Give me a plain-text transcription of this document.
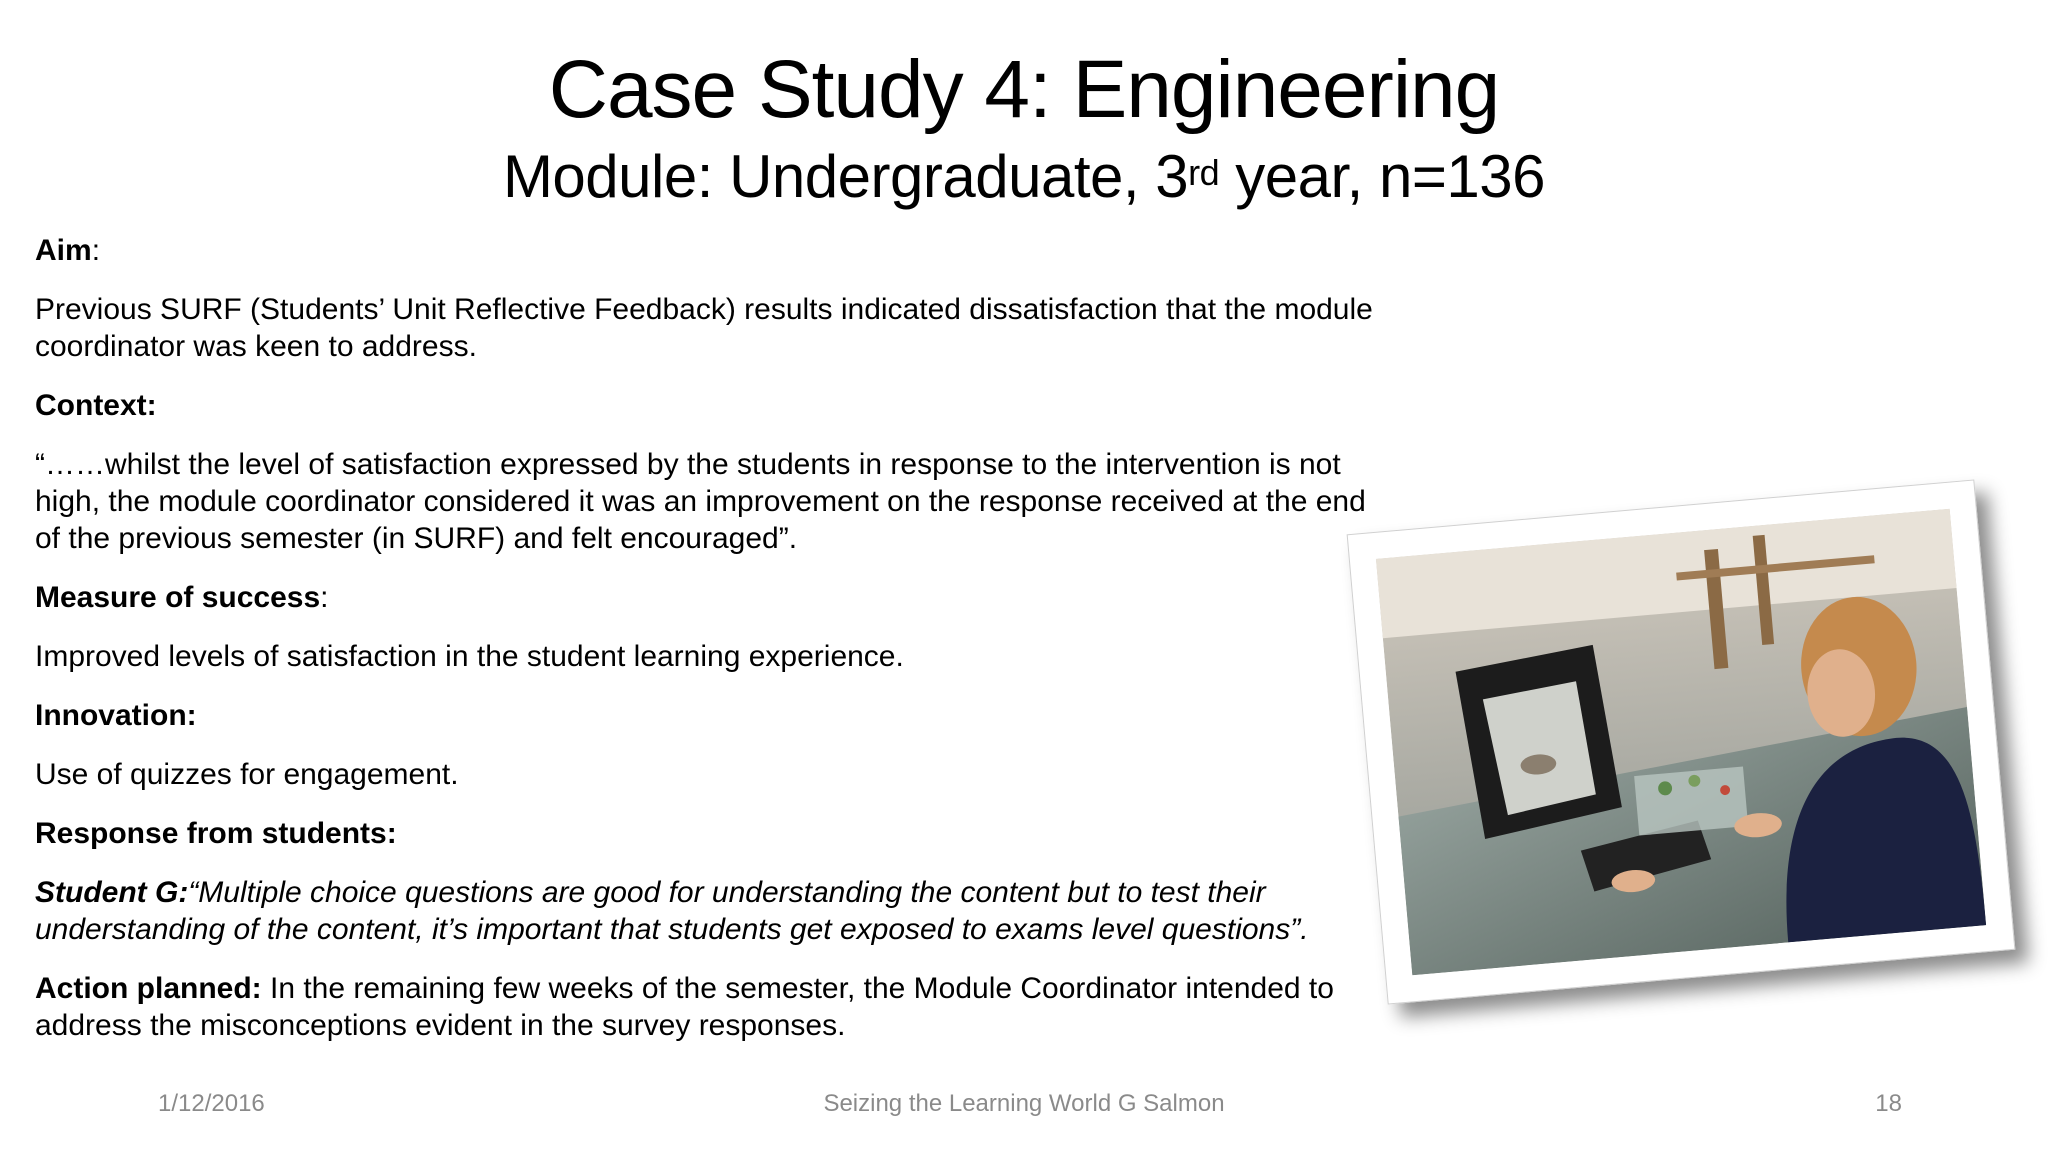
Case Study 4: Engineering
Module: Undergraduate, 3rd year, n=136

Aim:

Previous SURF (Students’ Unit Reflective Feedback) results indicated dissatisfaction that the module coordinator was keen to address.

Context:

“……whilst the level of satisfaction expressed by the students in response to the intervention is not high, the module coordinator considered it was an improvement on the response received at the end of the previous semester (in SURF) and felt encouraged”.

Measure of success:

Improved levels of satisfaction in the student learning experience.

Innovation:

Use of quizzes for engagement.

Response from students:

Student G:“Multiple choice questions are good for understanding the content but to test their understanding of the content, it’s important that students get exposed to exams level questions”.

Action planned: In the remaining few weeks of the semester, the Module Coordinator intended to address the misconceptions evident in the survey responses.

1/12/2016	Seizing the Learning World G Salmon	18
